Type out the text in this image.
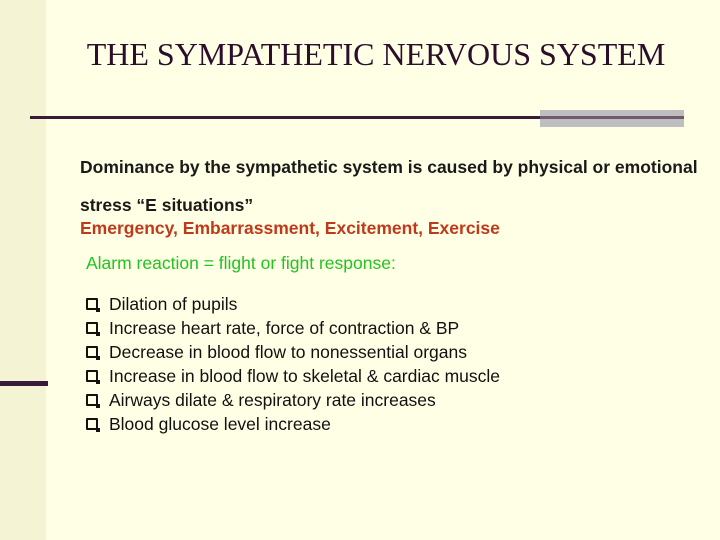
THE SYMPATHETIC NERVOUS SYSTEM
Dominance by the sympathetic system is caused by physical or emotional stress “E situations”
Emergency, Embarrassment, Excitement, Exercise
Alarm reaction = flight or fight response:
Dilation of pupils
Increase heart rate, force of contraction & BP
Decrease in blood flow to nonessential organs
Increase in blood flow to skeletal & cardiac muscle
Airways dilate & respiratory rate increases
Blood glucose level increase
